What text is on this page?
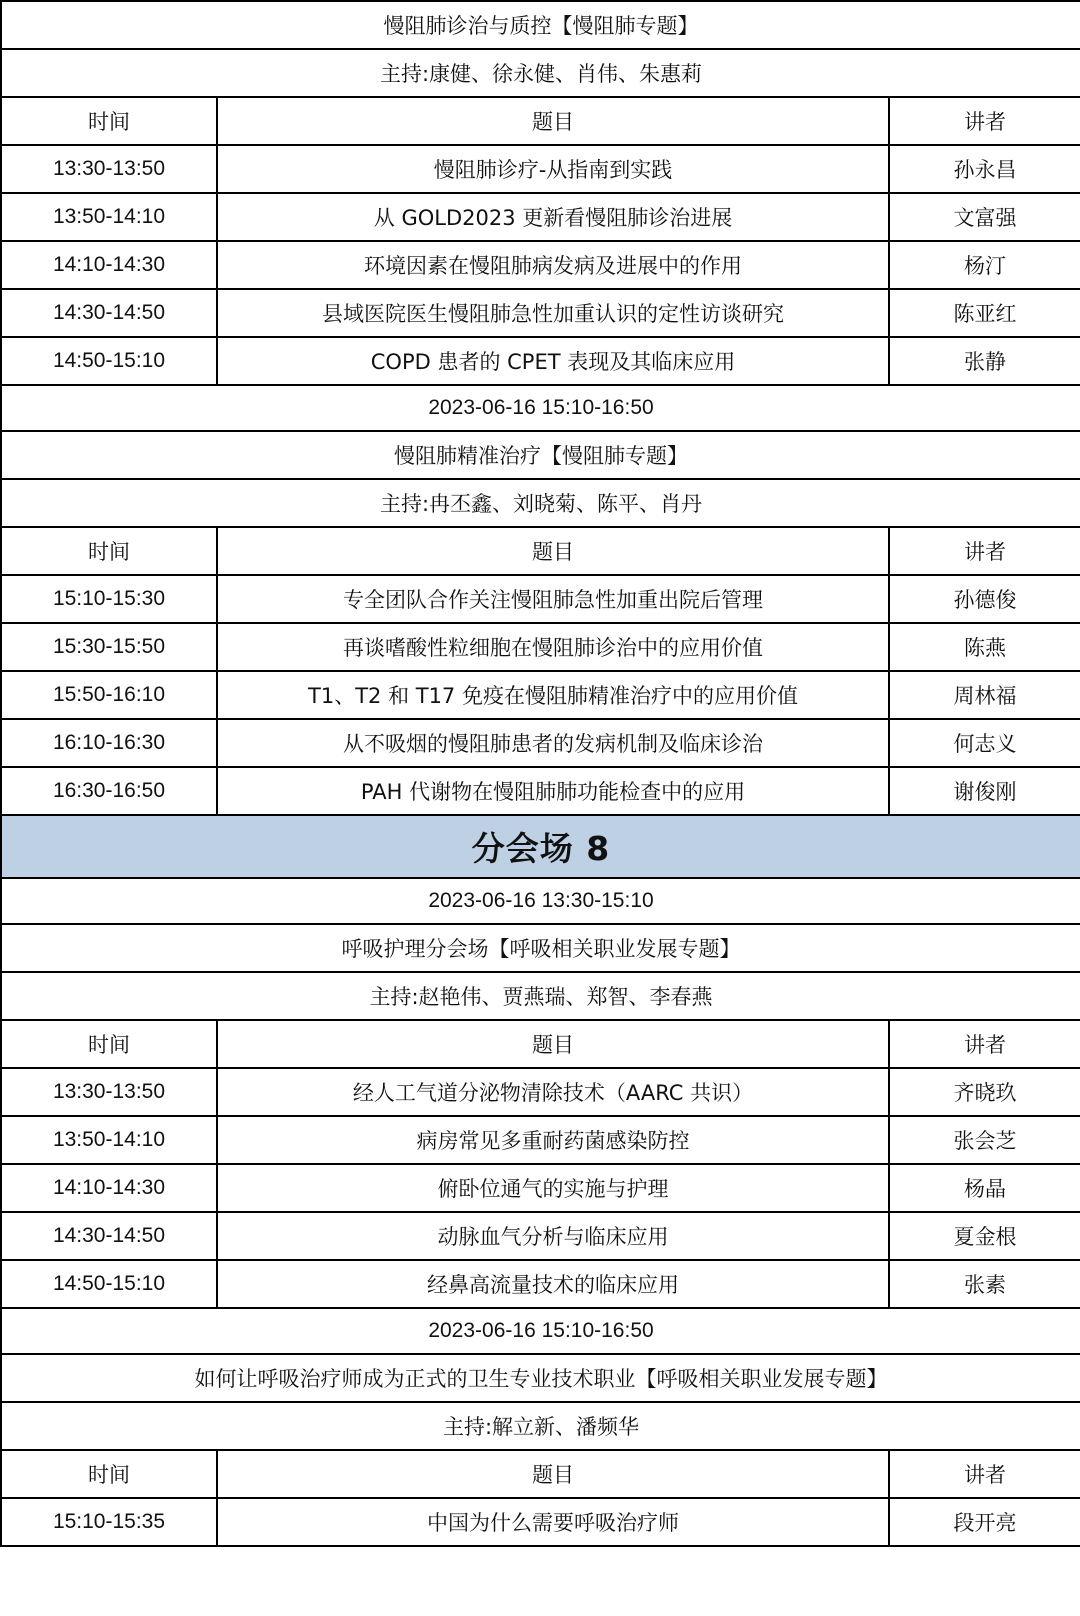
慢阻肺诊治与质控【慢阻肺专题】		
主持:康健、徐永健、肖伟、朱惠莉		
时间	题目	讲者
13:30-13:50	慢阻肺诊疗-从指南到实践	孙永昌
13:50-14:10	从 GOLD2023 更新看慢阻肺诊治进展	文富强
14:10-14:30	环境因素在慢阻肺病发病及进展中的作用	杨汀
14:30-14:50	县域医院医生慢阻肺急性加重认识的定性访谈研究	陈亚红
14:50-15:10	COPD 患者的 CPET 表现及其临床应用	张静
2023-06-16 15:10-16:50		
慢阻肺精准治疗【慢阻肺专题】		
主持:冉丕鑫、刘晓菊、陈平、肖丹		
时间	题目	讲者
15:10-15:30	专全团队合作关注慢阻肺急性加重出院后管理	孙德俊
15:30-15:50	再谈嗜酸性粒细胞在慢阻肺诊治中的应用价值	陈燕
15:50-16:10	T1、T2 和 T17 免疫在慢阻肺精准治疗中的应用价值	周林福
16:10-16:30	从不吸烟的慢阻肺患者的发病机制及临床诊治	何志义
16:30-16:50	PAH 代谢物在慢阻肺肺功能检查中的应用	谢俊刚
分会场 8		
2023-06-16 13:30-15:10		
呼吸护理分会场【呼吸相关职业发展专题】		
主持:赵艳伟、贾燕瑞、郑智、李春燕		
时间	题目	讲者
13:30-13:50	经人工气道分泌物清除技术（AARC 共识）	齐晓玖
13:50-14:10	病房常见多重耐药菌感染防控	张会芝
14:10-14:30	俯卧位通气的实施与护理	杨晶
14:30-14:50	动脉血气分析与临床应用	夏金根
14:50-15:10	经鼻高流量技术的临床应用	张素
2023-06-16 15:10-16:50		
如何让呼吸治疗师成为正式的卫生专业技术职业【呼吸相关职业发展专题】		
主持:解立新、潘频华		
时间	题目	讲者
15:10-15:35	中国为什么需要呼吸治疗师	段开亮
